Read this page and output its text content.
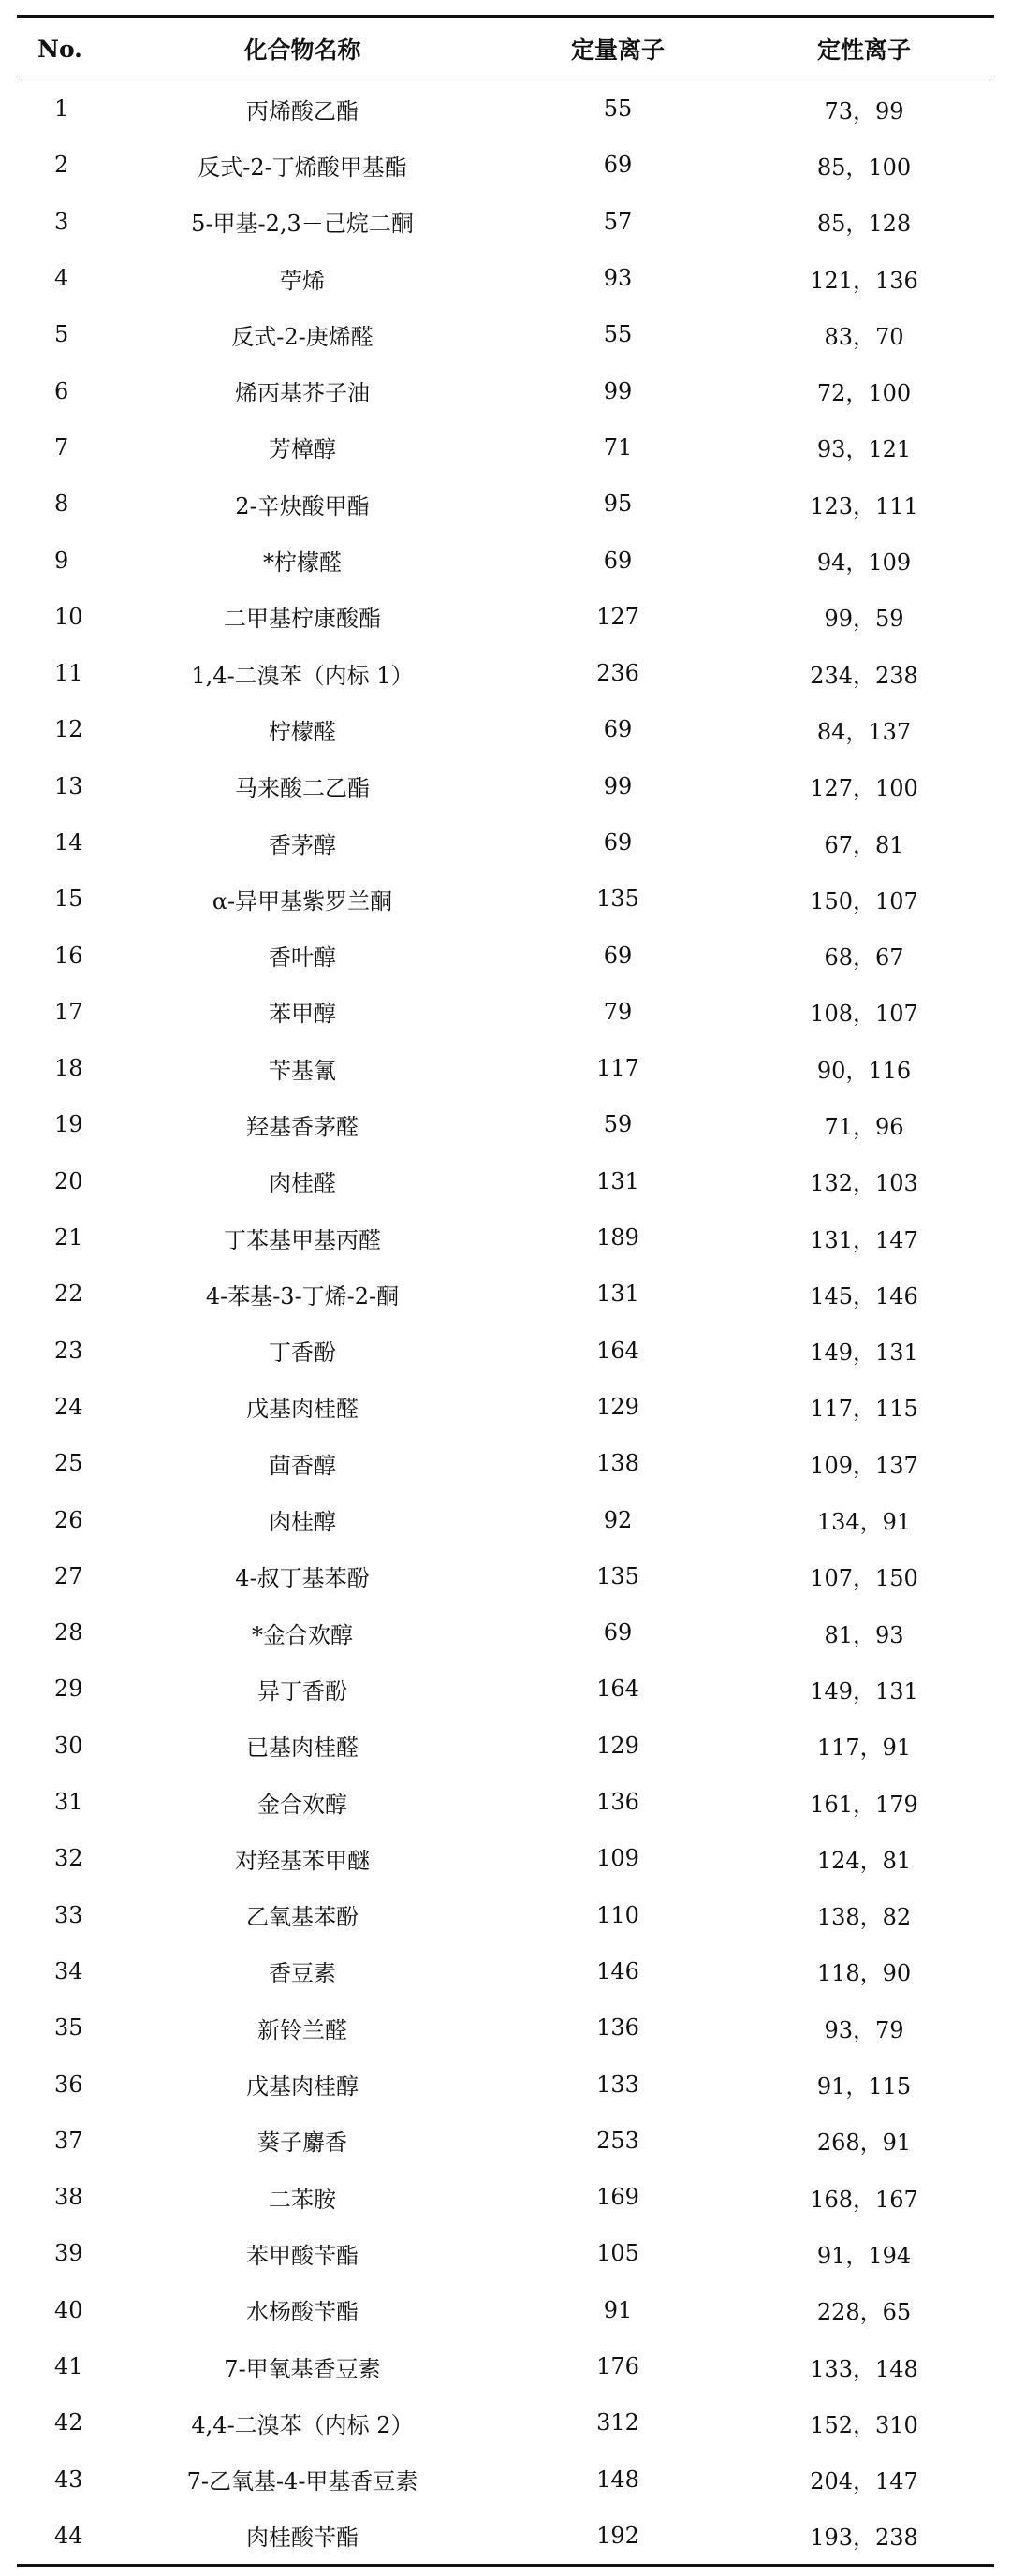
No.	化合物名称	定量离子	定性离子
1	丙烯酸乙酯	55	73，99
2	反式-2-丁烯酸甲基酯	69	85，100
3	5-甲基-2,3－己烷二酮	57	85，128
4	苧烯	93	121，136
5	反式-2-庚烯醛	55	83，70
6	烯丙基芥子油	99	72，100
7	芳樟醇	71	93，121
8	2-辛炔酸甲酯	95	123，111
9	*柠檬醛	69	94，109
10	二甲基柠康酸酯	127	99，59
11	1,4-二溴苯（内标 1）	236	234，238
12	柠檬醛	69	84，137
13	马来酸二乙酯	99	127，100
14	香茅醇	69	67，81
15	α-异甲基紫罗兰酮	135	150，107
16	香叶醇	69	68，67
17	苯甲醇	79	108，107
18	苄基氰	117	90，116
19	羟基香茅醛	59	71，96
20	肉桂醛	131	132，103
21	丁苯基甲基丙醛	189	131，147
22	4-苯基-3-丁烯-2-酮	131	145，146
23	丁香酚	164	149，131
24	戊基肉桂醛	129	117，115
25	茴香醇	138	109，137
26	肉桂醇	92	134，91
27	4-叔丁基苯酚	135	107，150
28	*金合欢醇	69	81，93
29	异丁香酚	164	149，131
30	已基肉桂醛	129	117，91
31	金合欢醇	136	161，179
32	对羟基苯甲醚	109	124，81
33	乙氧基苯酚	110	138，82
34	香豆素	146	118，90
35	新铃兰醛	136	93，79
36	戊基肉桂醇	133	91，115
37	葵子麝香	253	268，91
38	二苯胺	169	168，167
39	苯甲酸苄酯	105	91，194
40	水杨酸苄酯	91	228，65
41	7-甲氧基香豆素	176	133，148
42	4,4-二溴苯（内标 2）	312	152，310
43	7-乙氧基-4-甲基香豆素	148	204，147
44	肉桂酸苄酯	192	193，238
